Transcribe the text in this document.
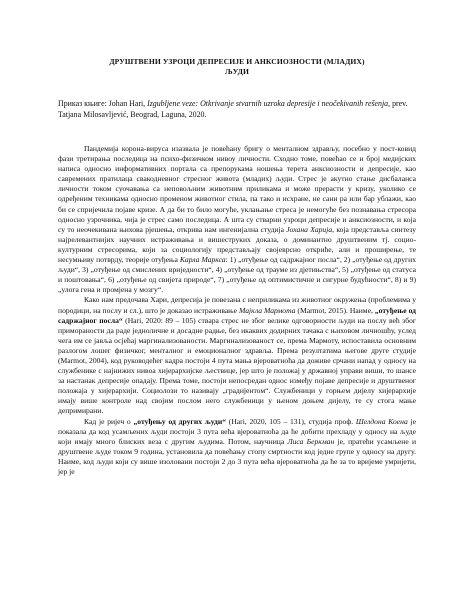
ДРУШТВЕНИ УЗРОЦИ ДЕПРЕСИЈЕ И АНКСИОЗНОСТИ (МЛАДИХ)
ЉУДИ

Приказ књиге: Johan Hari, Izgubljene veze: Otkrivanje stvarnih uzroka depresije i neočekivanih rešenja, prev. Tatjana Milosavljević, Beograd, Laguna, 2020.

Пандемија корона-вируса изазвала је повећану бригу о менталном здрављу, посебно у пост-ковид фази третирања последица на психо-физичком нивоу личности. Сходно томе, повећао се и број медијских написа односно информативних портала са препорукама ношења терета анксиозности и депресије, као савремених пратилаца свакодневног стресног живота (младих) људи. Стрес је акутно стање дисбаланса личности током суочавања са неповољним животним приликама и може прерасти у кризу, уколико се одређеним техникама односно променом животног стила, па тако и исхране, не сани ра или бар ублажи, као би се спријечила појаве кризе. А да би то било могуће, уклањање стреса је немогуће без познавања стресора односно узрочника, чија је стрес само последица. А шта су стварни узроци депресије и анксиозности, и која су то неочекивана њихова рјешења, открива нам ингенијална студија Јохана Харија, која представља синтезу најрелевантнијих научних истраживања и вишеструких доказа, о доминантно друштвеним тј. социо-културним стресорима, који за социологију представљају својеврсно откриће, али и проширење, те несумњиву потврду, теорије отуђења Карла Маркса: 1) „отуђење од садржајног посла“, 2) „отуђење од других људи“, 3) „отуђење од смислених вриједности“, 4) „отуђење од трауме из дјетињства“, 5) „отуђење од статуса и поштовања“, 6) „отуђење од свијета природе“, 7) „отуђење од оптимистичне и сигурне будућности“, 8) и 9) „улога гена и промјена у мозгу“.

Како нам предочава Хари, депресија је повезана с неприликама из животног окружења (проблемима у породици, на послу и сл.), што је доказао истраживање Мајкла Мармота (Marmot, 2015). Наиме, „отуђење од садржајног посла“ (Hari, 2020: 89 – 105) ствара стрес не због велике одговорности људи на послу већ због примораности да раде једноличне и досадне радње, без икаквих додирних тачака с њиховом личношћу, услед чега им се јавља осјећај маргинализованости. Маргинализованост се, према Мармоту, испоставила основним разлогом лошег физичког, менталног и емоционалног здравља. Према резултатима његове друге студије (Marmot, 2004), код руководећег кадра постоји 4 пута мања вјероватноћа да доживе срчани напад у односу на службенике с најнижих нивоа хијерархијске љествице, јер што је положај у државној управи виши, то шансе за настанак депресије опадају. Према томе, постоји непосредан однос између појаве депресије и друштвеног положаја у хијерархији. Социолози то називају „градијентом“. Службеници у горњем дијелу хијерархије имају више контроле над својим послом него службеници у њеном доњем дијелу, те су стога мање депримирани.

Кад је ријеч о „отуђењу од других људи“ (Hari, 2020, 105 – 131), студија проф. Шелдона Коена је показала да код усамљених људи постоји 3 пута већа вјероватноћа да ће добити прехладу у односу на људе који имају много блиских веза с другим људима. Потом, научница Лиса Беркман је, пратећи усамљене и друштвене људе током 9 година, установила да повећању стопу смртности код једне групе у односу на другу. Наиме, код људи који су више изоловани постоји 2 до 3 пута већа вјероватноћа да ће за то вријеме умријети, јер је
